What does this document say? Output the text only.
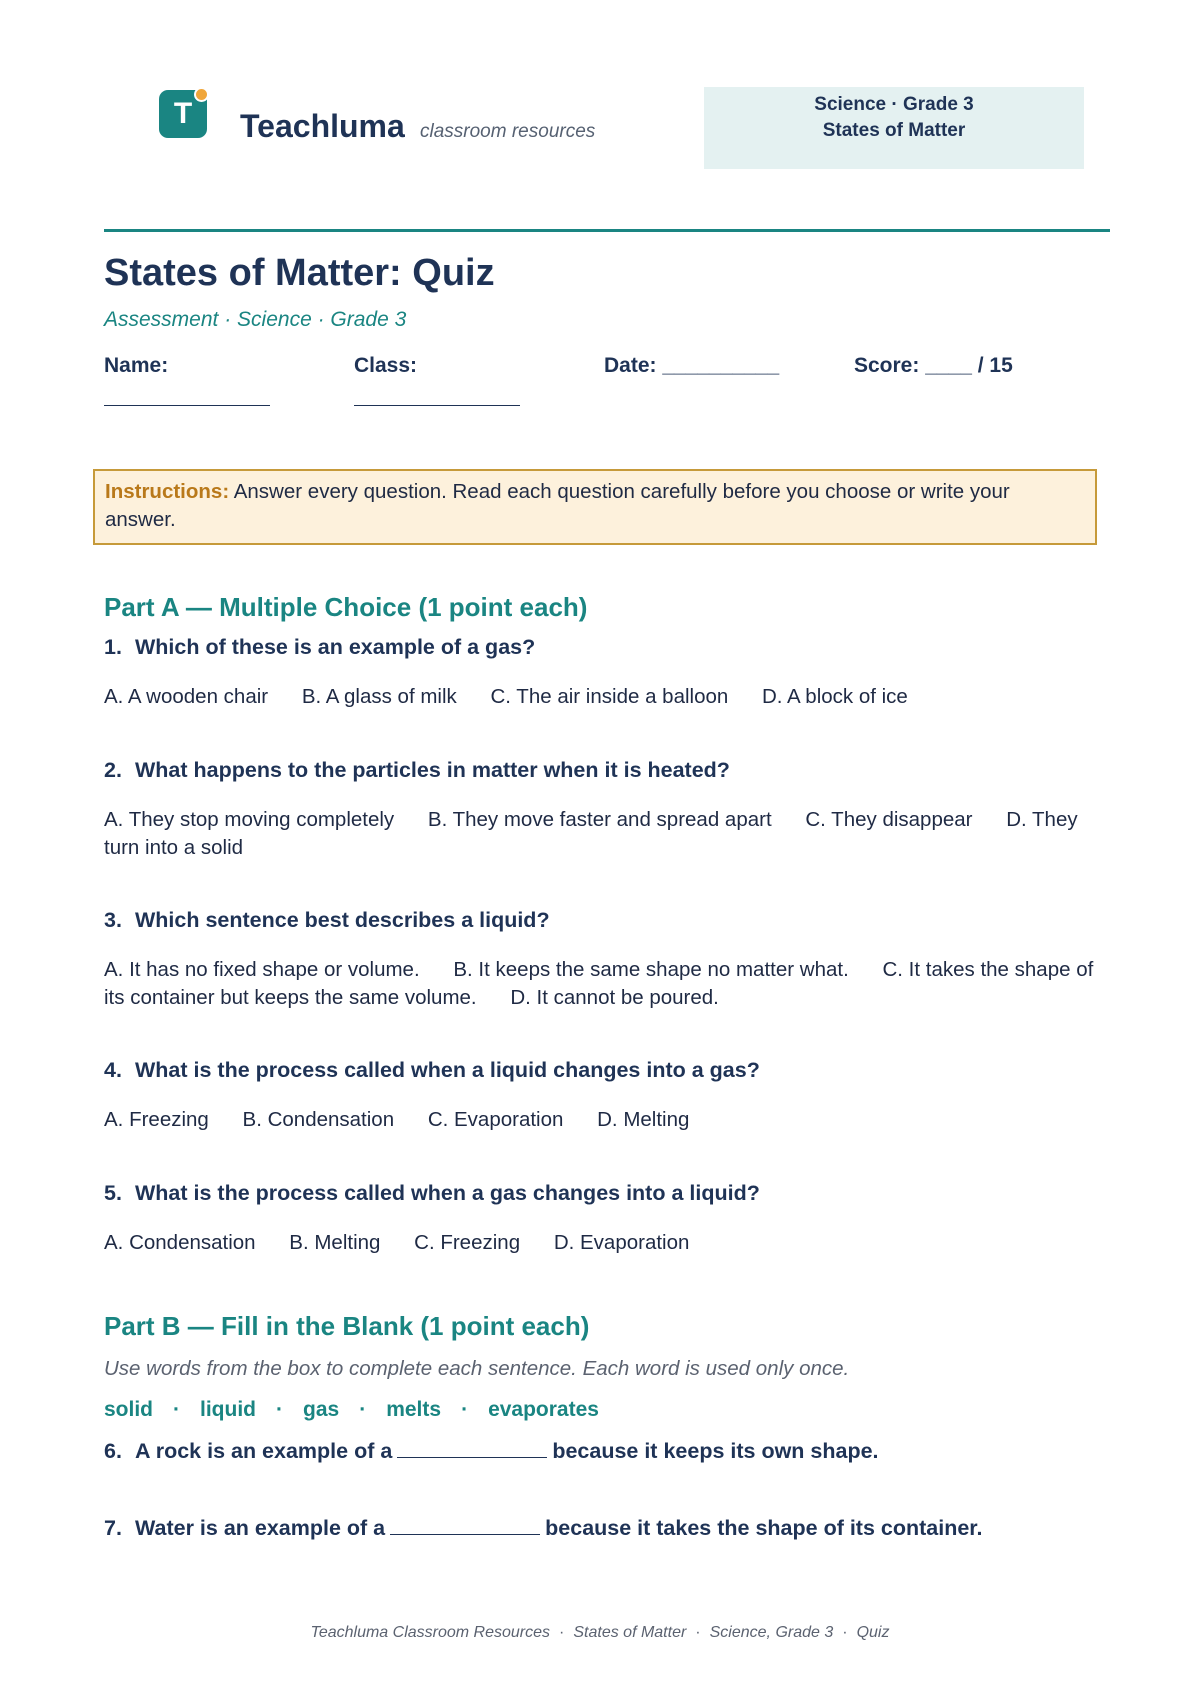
T	Teachluma classroom resources
Science · Grade 3
States of Matter
States of Matter: Quiz
Assessment · Science · Grade 3
Name:	Class:	Date: __________	Score: ____ / 15
Instructions: Answer every question. Read each question carefully before you choose or write your answer.
Part A — Multiple Choice (1 point each)
1. Which of these is an example of a gas?
A. A wooden chair B. A glass of milk C. The air inside a balloon D. A block of ice
2. What happens to the particles in matter when it is heated?
A. They stop moving completely B. They move faster and spread apart C. They disappear D. They turn into a solid
3. Which sentence best describes a liquid?
A. It has no fixed shape or volume. B. It keeps the same shape no matter what. C. It takes the shape of its container but keeps the same volume. D. It cannot be poured.
4. What is the process called when a liquid changes into a gas?
A. Freezing B. Condensation C. Evaporation D. Melting
5. What is the process called when a gas changes into a liquid?
A. Condensation B. Melting C. Freezing D. Evaporation
Part B — Fill in the Blank (1 point each)
Use words from the box to complete each sentence. Each word is used only once.
solid · liquid · gas · melts · evaporates
6. A rock is an example of a	because it keeps its own shape.
7. Water is an example of a	because it takes the shape of its container.
Teachluma Classroom Resources · States of Matter · Science, Grade 3 · Quiz
